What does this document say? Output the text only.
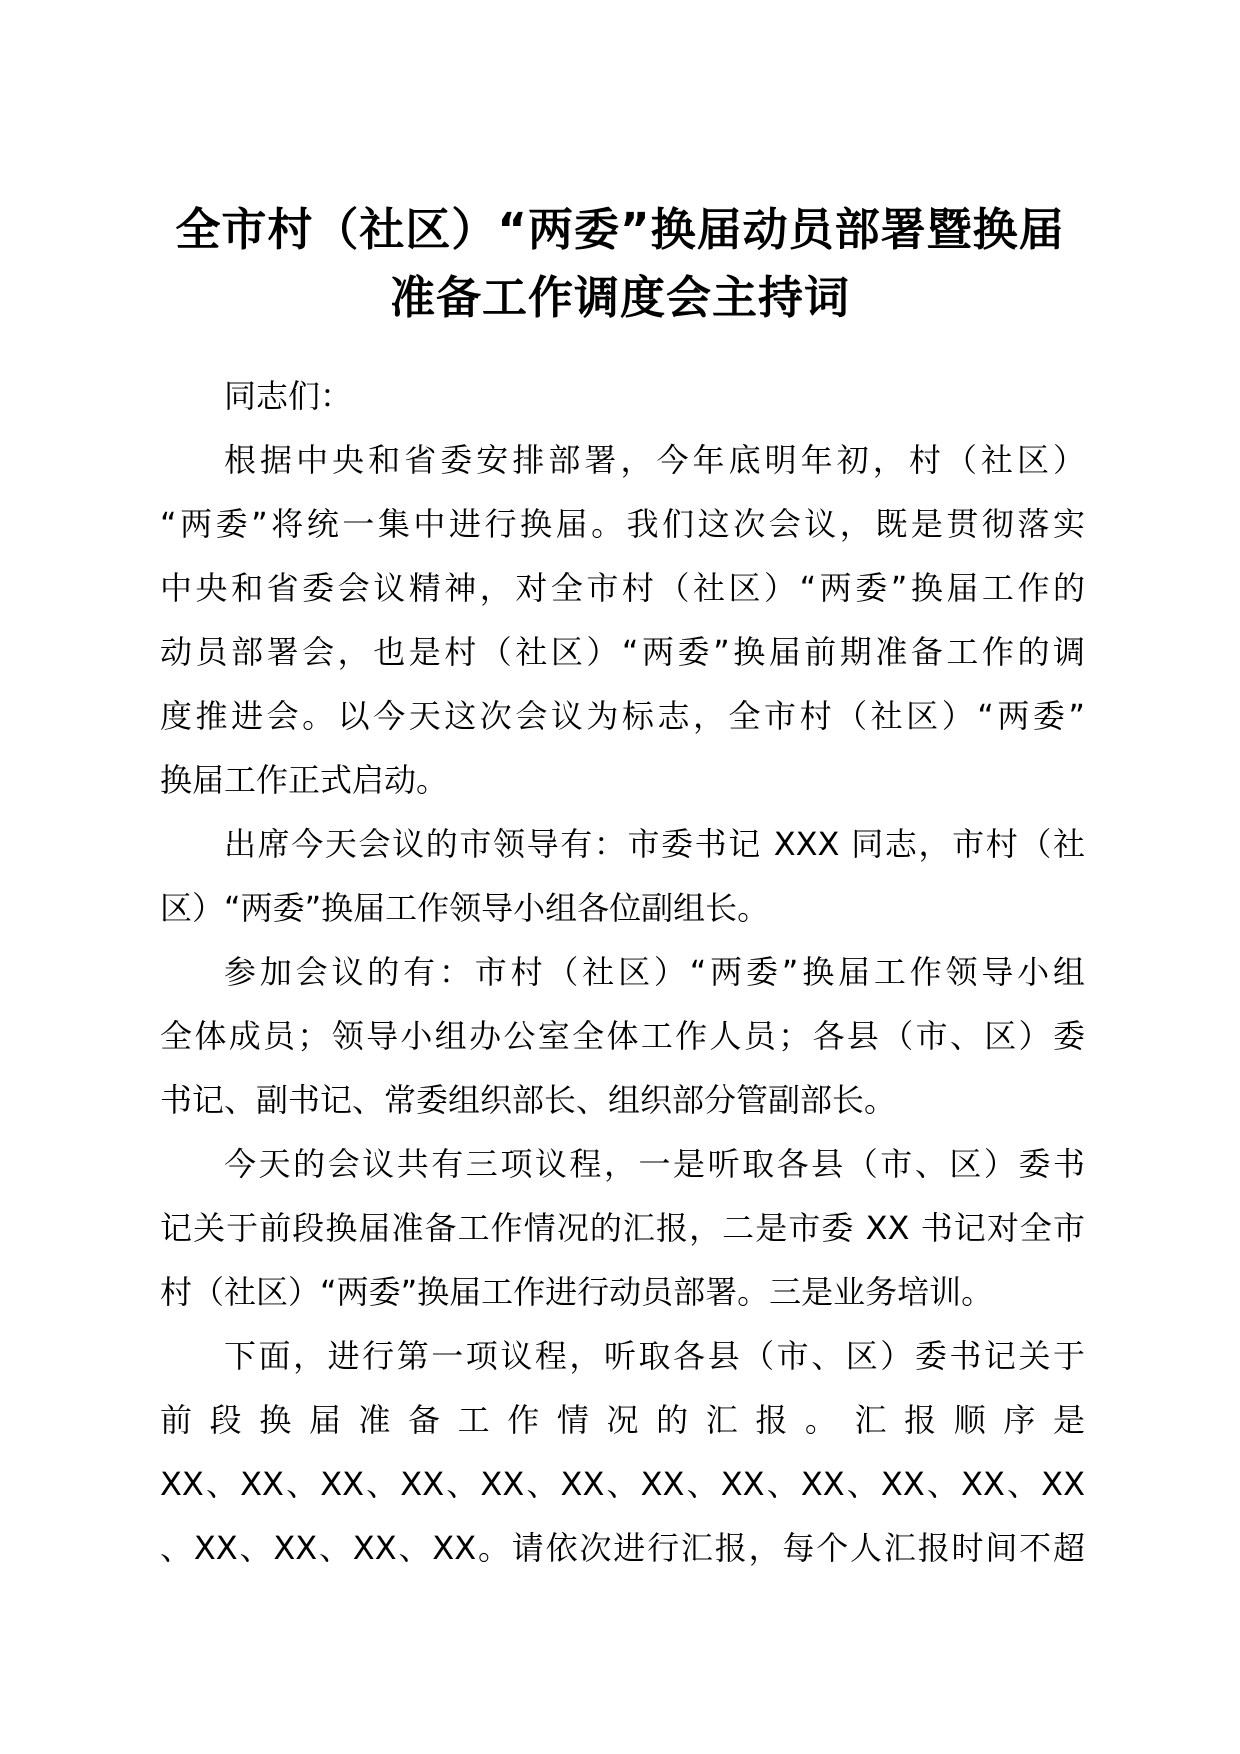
全市村（社区）“两委”换届动员部署暨换届
准备工作调度会主持词
同志们：
根据中央和省委安排部署，今年底明年初，村（社区）
“两委”将统一集中进行换届。我们这次会议，既是贯彻落实
中央和省委会议精神，对全市村（社区）“两委”换届工作的
动员部署会，也是村（社区）“两委”换届前期准备工作的调
度推进会。以今天这次会议为标志，全市村（社区）“两委”
换届工作正式启动。
出席今天会议的市领导有：市委书记 XXX 同志，市村（社
区）“两委”换届工作领导小组各位副组长。
参加会议的有：市村（社区）“两委”换届工作领导小组
全体成员；领导小组办公室全体工作人员；各县（市、区）委
书记、副书记、常委组织部长、组织部分管副部长。
今天的会议共有三项议程，一是听取各县（市、区）委书
记关于前段换届准备工作情况的汇报，二是市委 XX 书记对全市
村（社区）“两委”换届工作进行动员部署。三是业务培训。
下面，进行第一项议程，听取各县（市、区）委书记关于
前段换届准备工作情况的汇报。汇报顺序是
XX、XX、XX、XX、XX、XX、XX、XX、XX、XX、XX、XX
、XX、XX、XX、XX。请依次进行汇报，每个人汇报时间不超
